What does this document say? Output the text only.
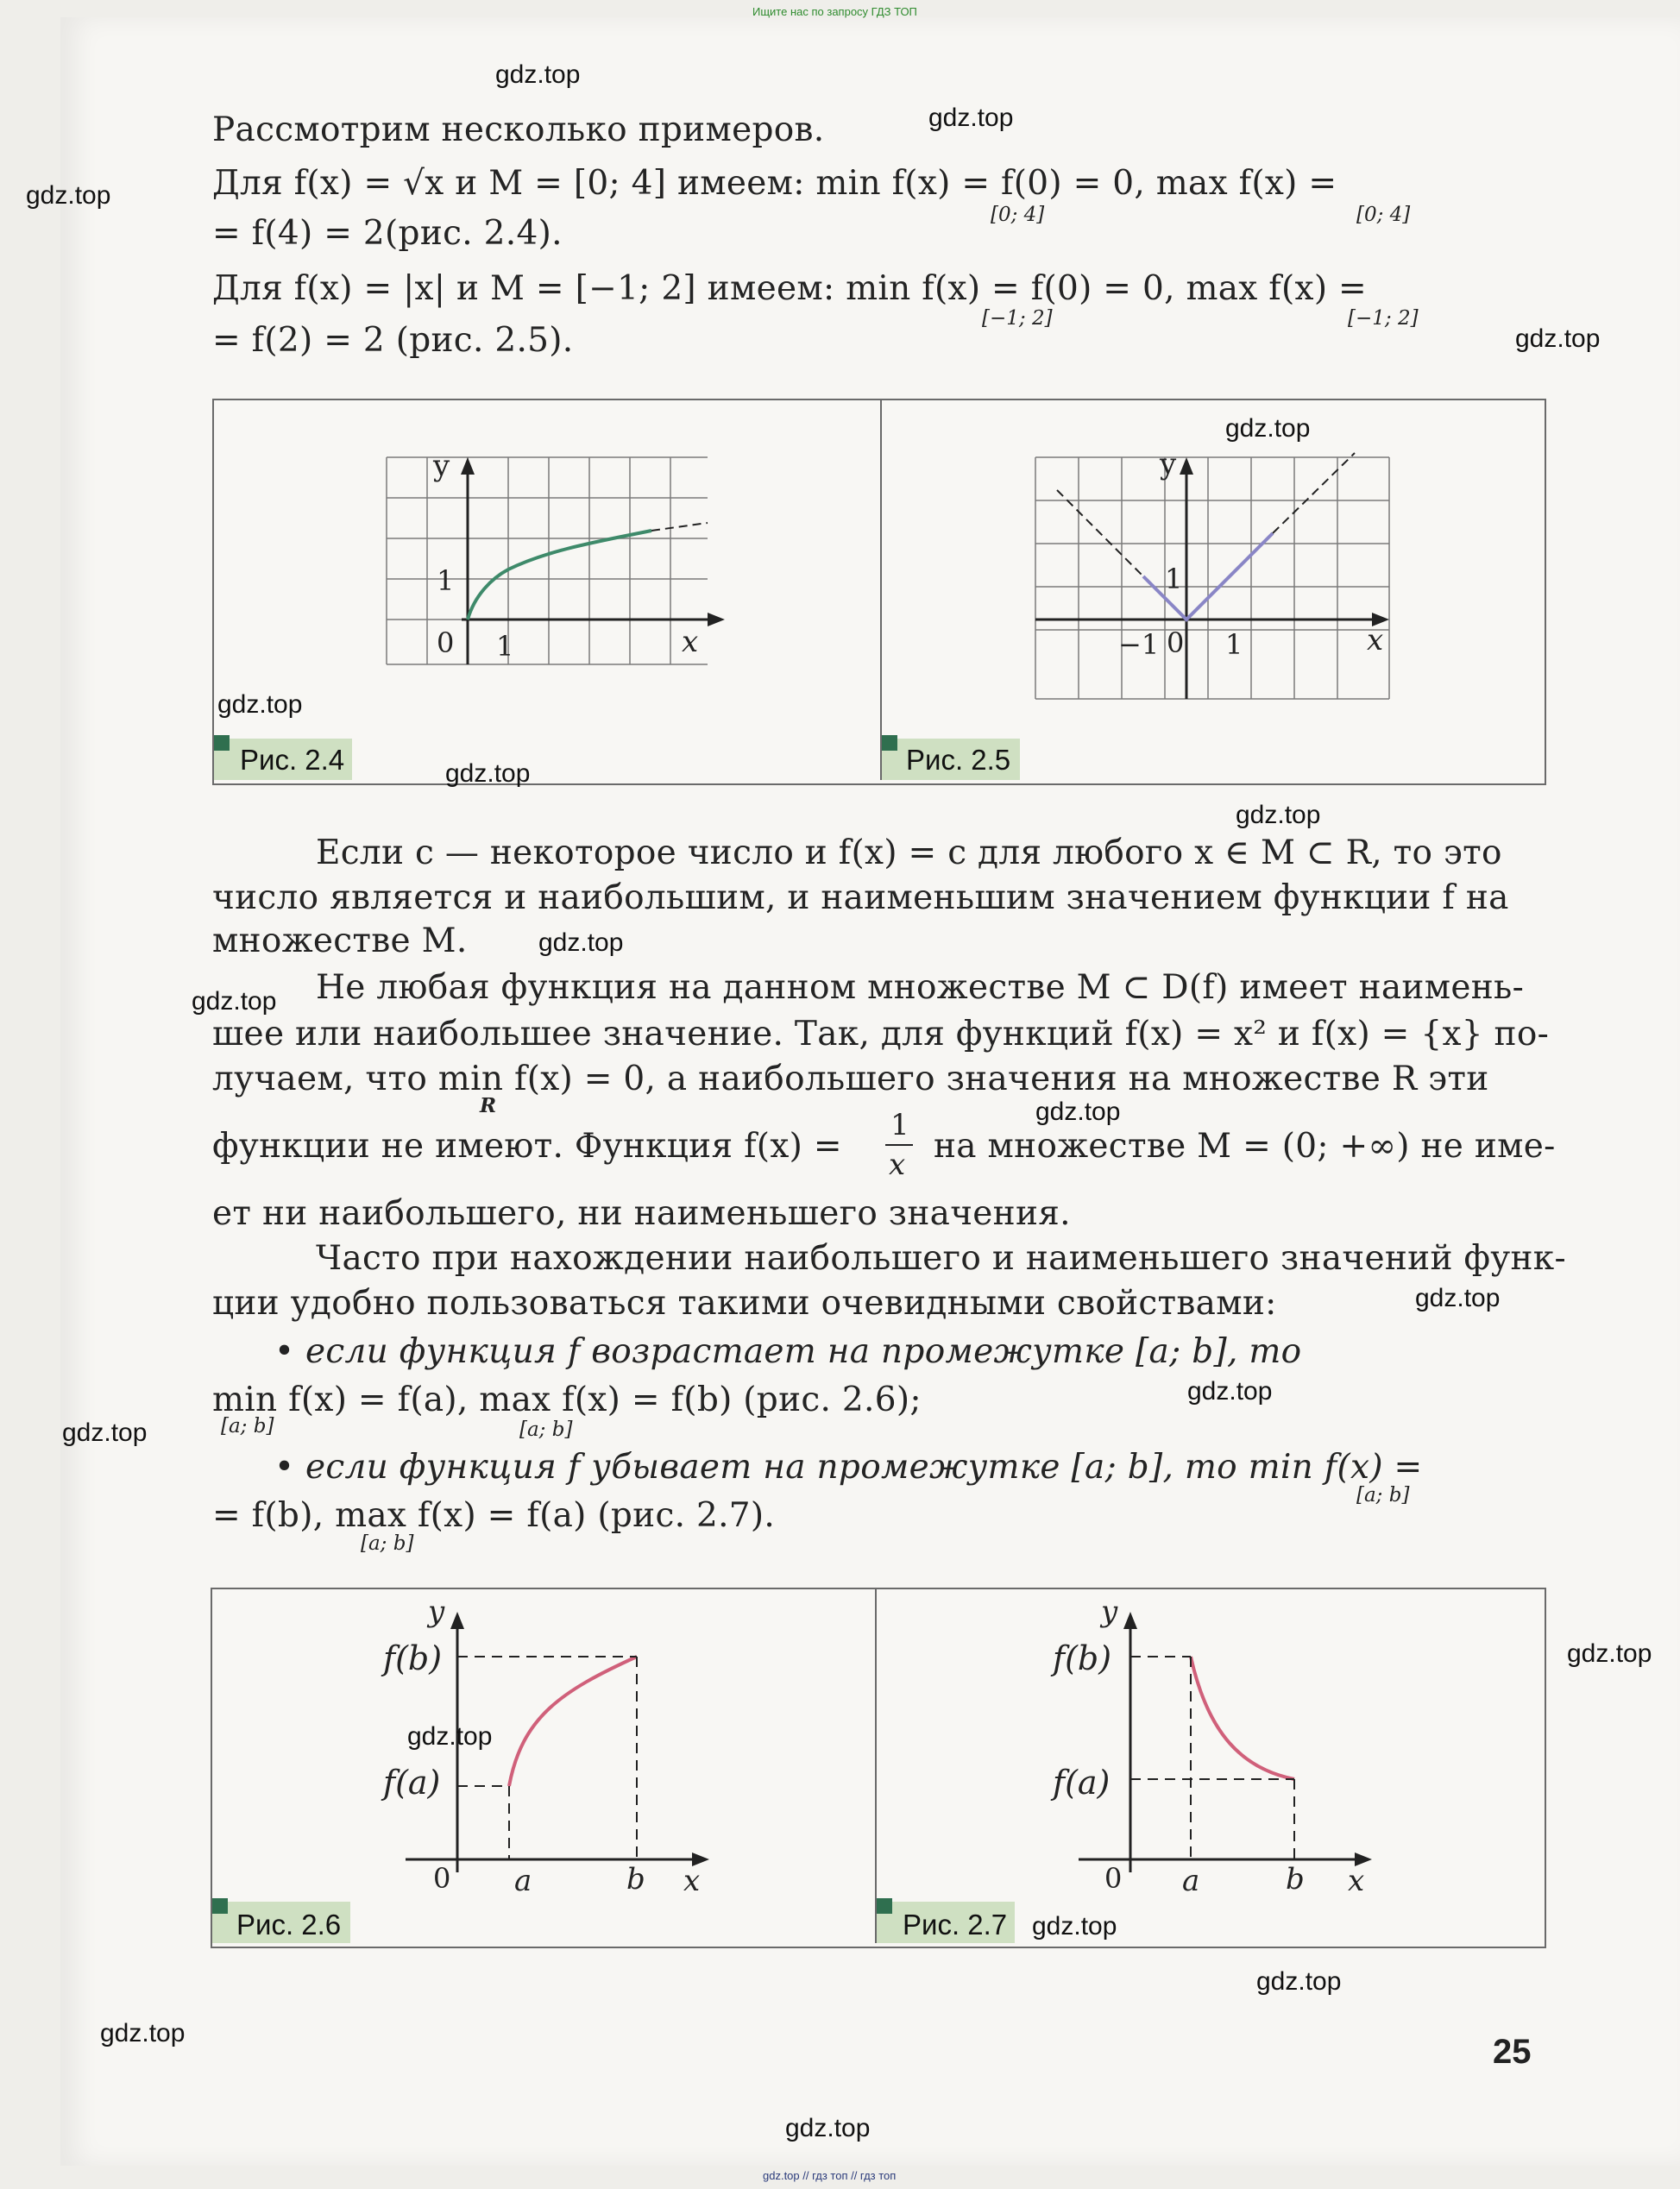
Ищите нас по запросу ГДЗ ТОП
Рассмотрим несколько примеров.
Для f(x) = √x и M = [0; 4] имеем: min f(x) = f(0) = 0, max f(x) =
[0; 4]	[0; 4]
= f(4) = 2(рис. 2.4).
Для f(x) = |x| и M = [−1; 2] имеем: min f(x) = f(0) = 0, max f(x) =
[−1; 2]	[−1; 2]
= f(2) = 2 (рис. 2.5).
y
x
0 1
1
y
x
0 1
1
−1
Рис. 2.4	Рис. 2.5
Если c — некоторое число и f(x) = c для любого x ∈ M ⊂ R, то это
число является и наибольшим, и наименьшим значением функции f на
множестве M.
Не любая функция на данном множестве M ⊂ D(f) имеет наимень-
шее или наибольшее значение. Так, для функций f(x) = x² и f(x) = {x} по-
лучаем, что min f(x) = 0, а наибольшего значения на множестве R эти
R
функции не имеют. Функция f(x) =
1
x на множестве M = (0; +∞) не име-
ет ни наибольшего, ни наименьшего значения.
Часто при нахождении наибольшего и наименьшего значений функ-
ции удобно пользоваться такими очевидными свойствами:
• если функция f возрастает на промежутке [a; b], то
min f(x) = f(a), max f(x) = f(b) (рис. 2.6);
[a; b]	[a; b]
• если функция f убывает на промежутке [a; b], то min f(x) =
[a; b]
= f(b), max f(x) = f(a) (рис. 2.7).
[a; b]
y
f(b)
f(a)
0 a	b x
y
f(b)
f(a)
0 a	b x
Рис. 2.6	Рис. 2.7
25
gdz.top
gdz.top
gdz.top
gdz.top
gdz.top
gdz.top
gdz.top
gdz.top
gdz.top
gdz.top
gdz.top
gdz.top
gdz.top
gdz.top
gdz.top
gdz.top
gdz.top
gdz.top
gdz.top
gdz.top
gdz.top // гдз топ // гдз топ
